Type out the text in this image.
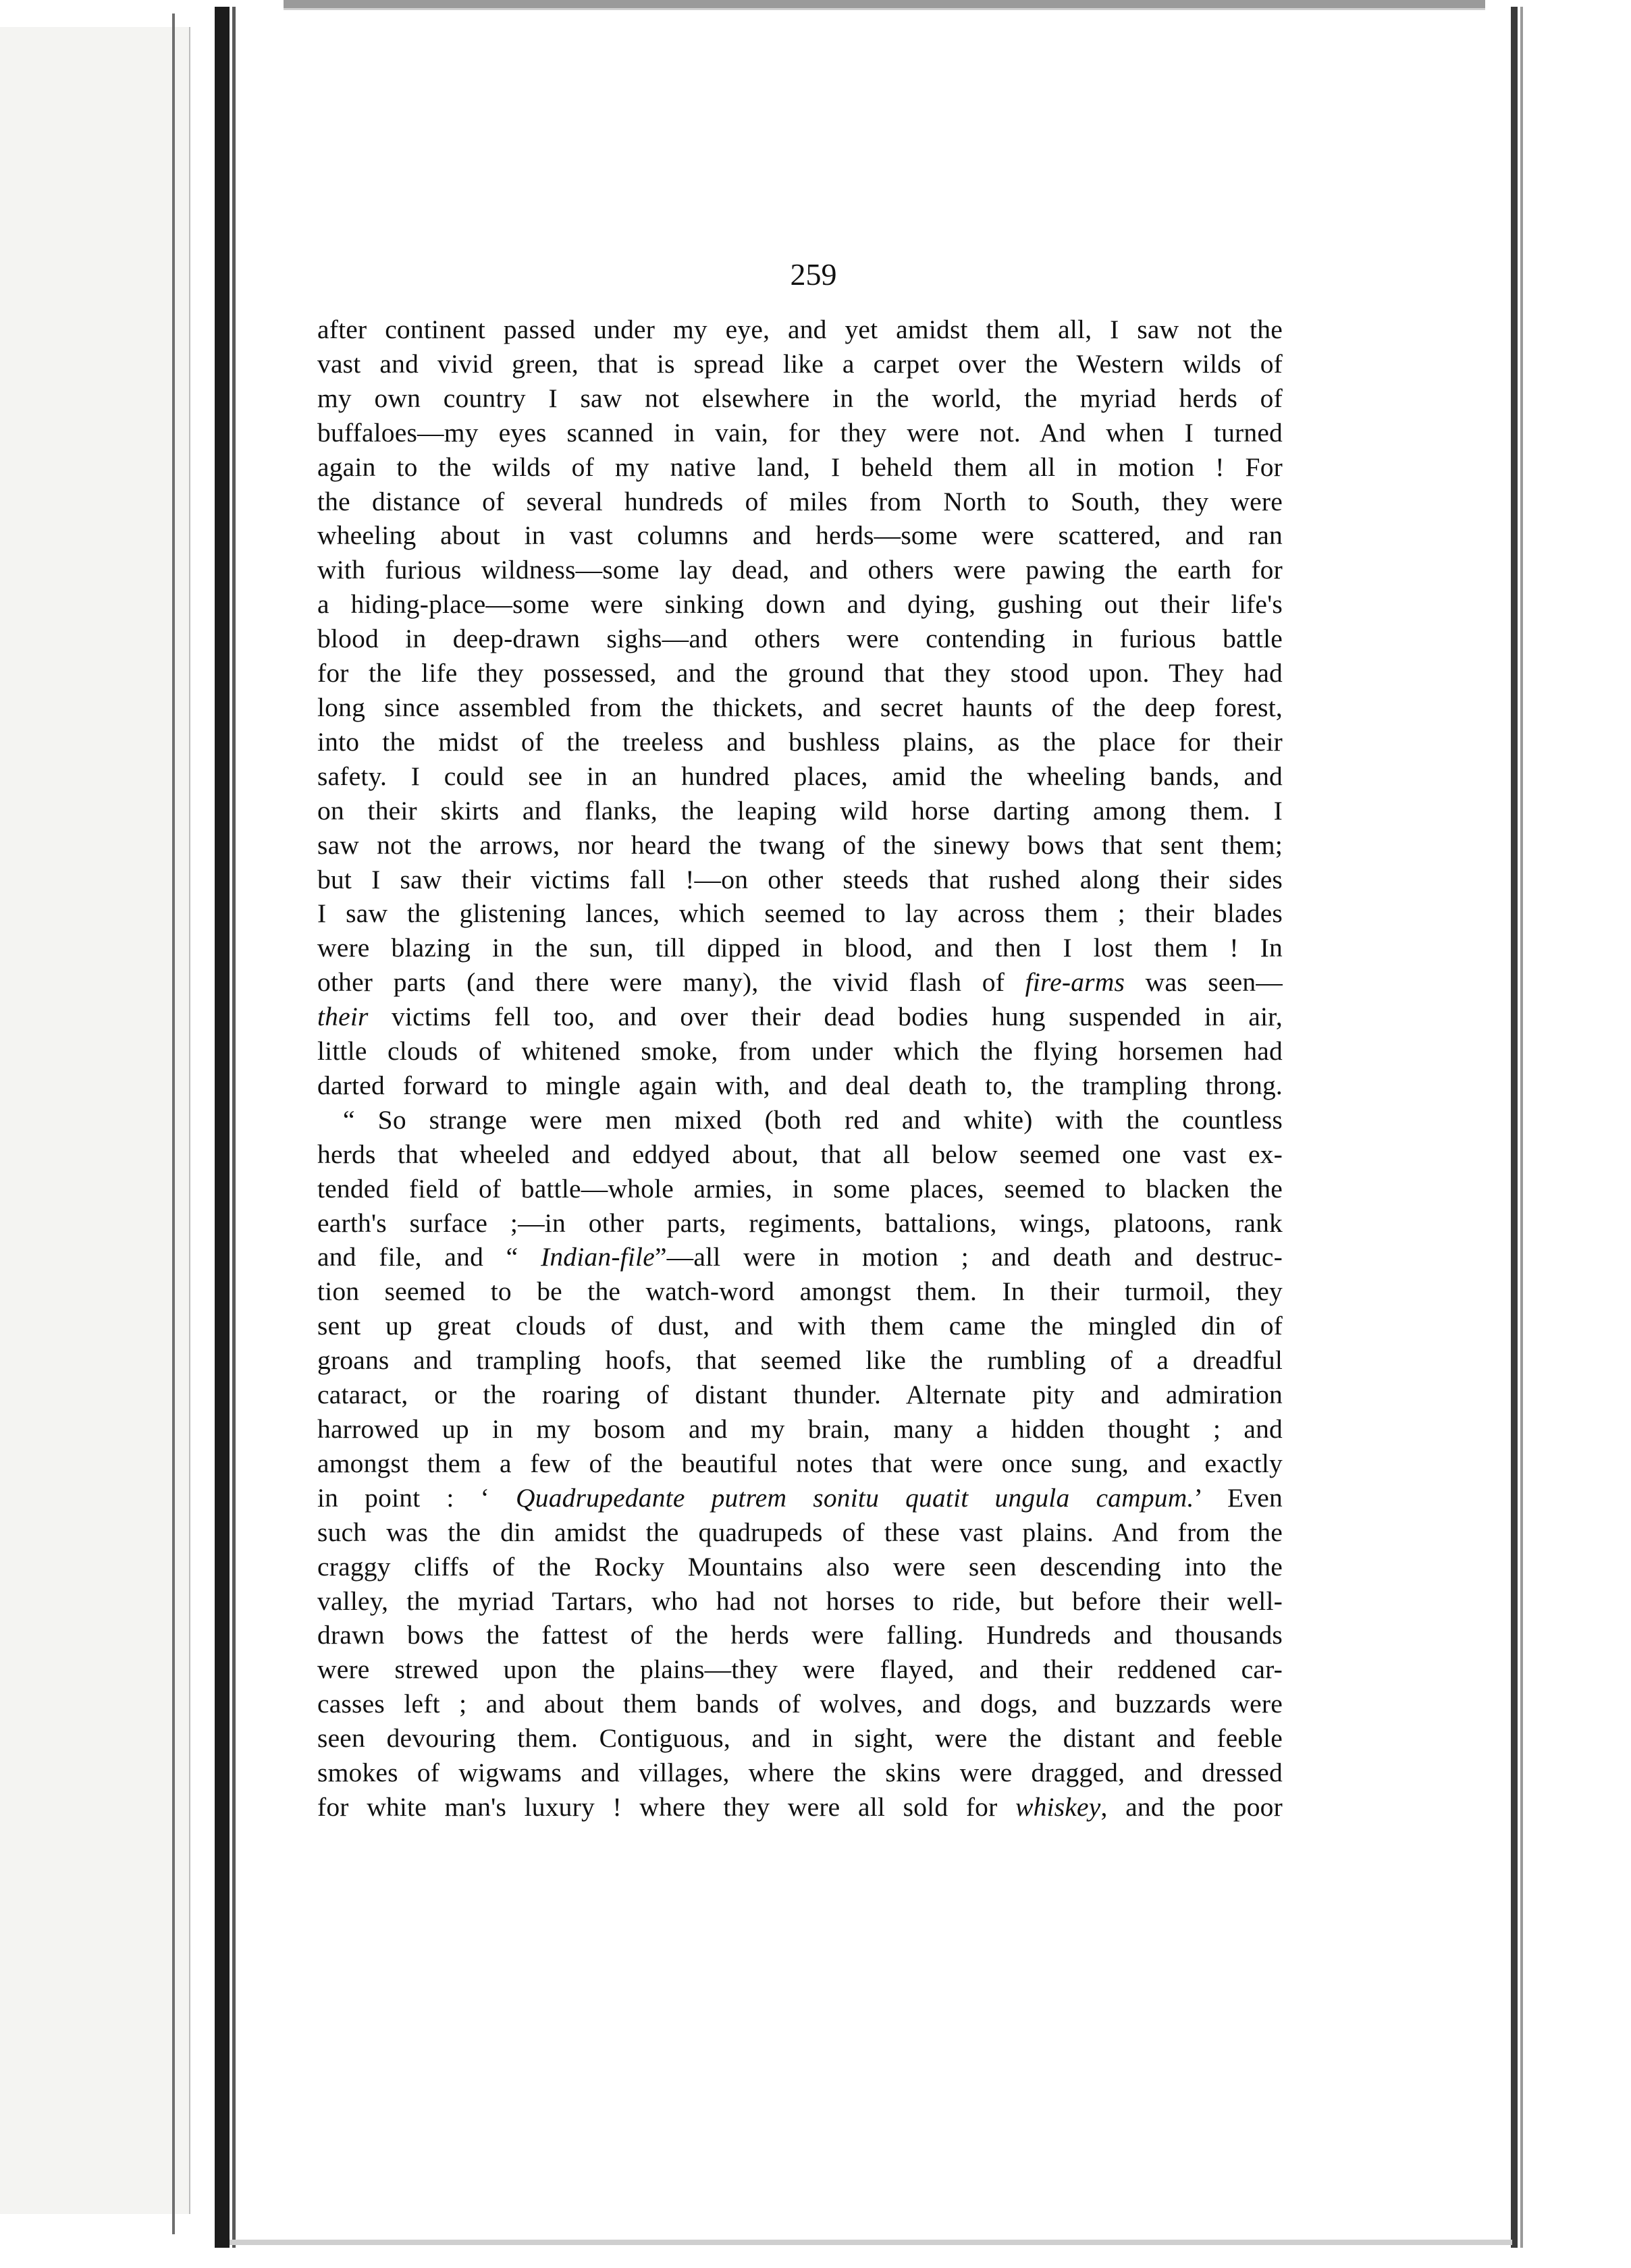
259
after continent passed under my eye, and yet amidst them all, I saw not the
vast and vivid green, that is spread like a carpet over the Western wilds of
my own country I saw not elsewhere in the world, the myriad herds of
buffaloes—my eyes scanned in vain, for they were not. And when I turned
again to the wilds of my native land, I beheld them all in motion ! For
the distance of several hundreds of miles from North to South, they were
wheeling about in vast columns and herds—some were scattered, and ran
with furious wildness—some lay dead, and others were pawing the earth for
a hiding-place—some were sinking down and dying, gushing out their life's
blood in deep-drawn sighs—and others were contending in furious battle
for the life they possessed, and the ground that they stood upon. They had
long since assembled from the thickets, and secret haunts of the deep forest,
into the midst of the treeless and bushless plains, as the place for their
safety. I could see in an hundred places, amid the wheeling bands, and
on their skirts and flanks, the leaping wild horse darting among them. I
saw not the arrows, nor heard the twang of the sinewy bows that sent them;
but I saw their victims fall !—on other steeds that rushed along their sides
I saw the glistening lances, which seemed to lay across them ; their blades
were blazing in the sun, till dipped in blood, and then I lost them ! In
other parts (and there were many), the vivid flash of fire-arms was seen—
their victims fell too, and over their dead bodies hung suspended in air,
little clouds of whitened smoke, from under which the flying horsemen had
darted forward to mingle again with, and deal death to, the trampling throng.
“ So strange were men mixed (both red and white) with the countless
herds that wheeled and eddyed about, that all below seemed one vast ex-
tended field of battle—whole armies, in some places, seemed to blacken the
earth's surface ;—in other parts, regiments, battalions, wings, platoons, rank
and file, and “ Indian-file”—all were in motion ; and death and destruc-
tion seemed to be the watch-word amongst them. In their turmoil, they
sent up great clouds of dust, and with them came the mingled din of
groans and trampling hoofs, that seemed like the rumbling of a dreadful
cataract, or the roaring of distant thunder. Alternate pity and admiration
harrowed up in my bosom and my brain, many a hidden thought ; and
amongst them a few of the beautiful notes that were once sung, and exactly
in point : ‘ Quadrupedante putrem sonitu quatit ungula campum.’ Even
such was the din amidst the quadrupeds of these vast plains. And from the
craggy cliffs of the Rocky Mountains also were seen descending into the
valley, the myriad Tartars, who had not horses to ride, but before their well-
drawn bows the fattest of the herds were falling. Hundreds and thousands
were strewed upon the plains—they were flayed, and their reddened car-
casses left ; and about them bands of wolves, and dogs, and buzzards were
seen devouring them. Contiguous, and in sight, were the distant and feeble
smokes of wigwams and villages, where the skins were dragged, and dressed
for white man's luxury ! where they were all sold for whiskey, and the poor
